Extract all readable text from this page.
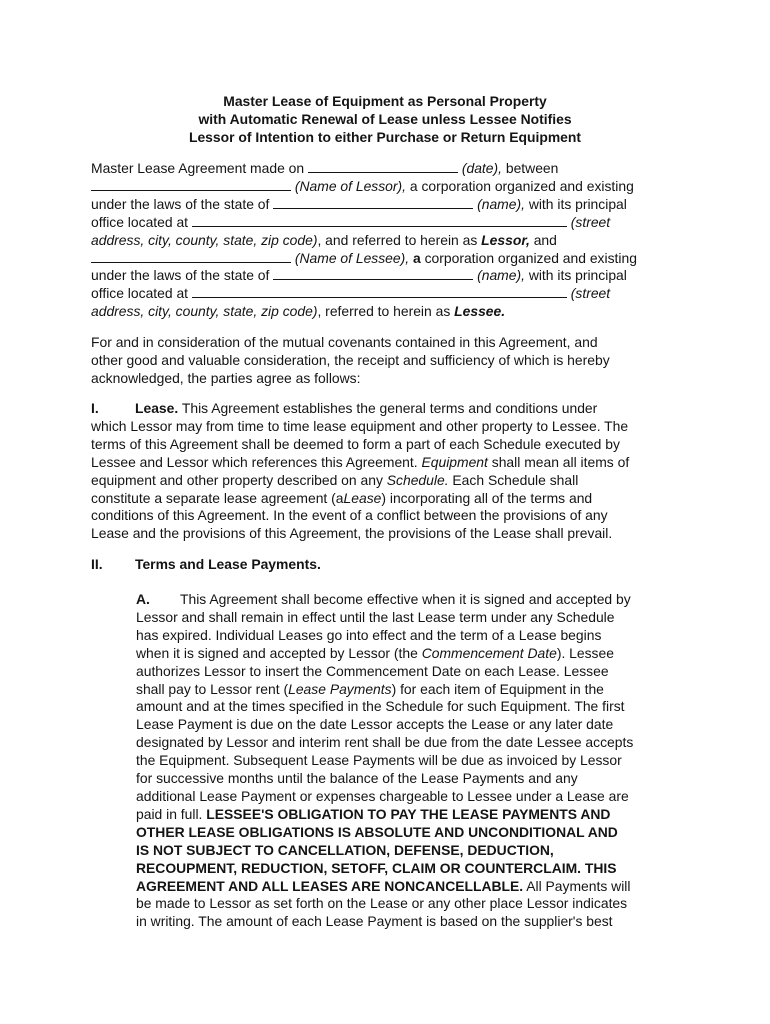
Master Lease of Equipment as Personal Property
with Automatic Renewal of Lease unless Lessee Notifies
Lessor of Intention to either Purchase or Return Equipment
Master Lease Agreement made on	(date), between
(Name of Lessor), a corporation organized and existing
under the laws of the state of	(name), with its principal
office located at	(street
address, city, county, state, zip code), and referred to herein as Lessor, and
(Name of Lessee), a corporation organized and existing
under the laws of the state of	(name), with its principal
office located at	(street
address, city, county, state, zip code), referred to herein as Lessee.
For and in consideration of the mutual covenants contained in this Agreement, and
other good and valuable consideration, the receipt and sufficiency of which is hereby
acknowledged, the parties agree as follows:
I.	Lease. This Agreement establishes the general terms and conditions under
which Lessor may from time to time lease equipment and other property to Lessee. The
terms of this Agreement shall be deemed to form a part of each Schedule executed by
Lessee and Lessor which references this Agreement. Equipment shall mean all items of
equipment and other property described on any Schedule. Each Schedule shall
constitute a separate lease agreement (aLease) incorporating all of the terms and
conditions of this Agreement. In the event of a conflict between the provisions of any
Lease and the provisions of this Agreement, the provisions of the Lease shall prevail.
II. Terms and Lease Payments.
A. This Agreement shall become effective when it is signed and accepted by
Lessor and shall remain in effect until the last Lease term under any Schedule
has expired. Individual Leases go into effect and the term of a Lease begins
when it is signed and accepted by Lessor (the Commencement Date). Lessee
authorizes Lessor to insert the Commencement Date on each Lease. Lessee
shall pay to Lessor rent (Lease Payments) for each item of Equipment in the
amount and at the times specified in the Schedule for such Equipment. The first
Lease Payment is due on the date Lessor accepts the Lease or any later date
designated by Lessor and interim rent shall be due from the date Lessee accepts
the Equipment. Subsequent Lease Payments will be due as invoiced by Lessor
for successive months until the balance of the Lease Payments and any
additional Lease Payment or expenses chargeable to Lessee under a Lease are
paid in full. LESSEE'S OBLIGATION TO PAY THE LEASE PAYMENTS AND
OTHER LEASE OBLIGATIONS IS ABSOLUTE AND UNCONDITIONAL AND
IS NOT SUBJECT TO CANCELLATION, DEFENSE, DEDUCTION,
RECOUPMENT, REDUCTION, SETOFF, CLAIM OR COUNTERCLAIM. THIS
AGREEMENT AND ALL LEASES ARE NONCANCELLABLE. All Payments will
be made to Lessor as set forth on the Lease or any other place Lessor indicates
in writing. The amount of each Lease Payment is based on the supplier's best
